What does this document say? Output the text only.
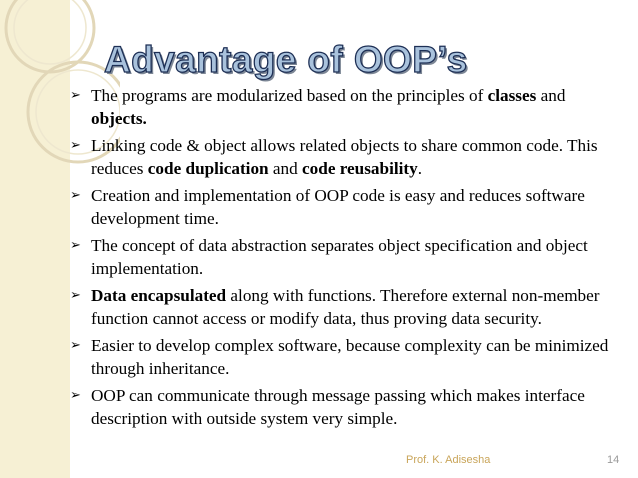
Advantage of OOP’s
➢ The programs are modularized based on the principles of classes and objects.
➢ Linking code & object allows related objects to share common code. This reduces code duplication and code reusability.
➢ Creation and implementation of OOP code is easy and reduces software development time.
➢ The concept of data abstraction separates object specification and object implementation.
➢ Data encapsulated along with functions. Therefore external non-member function cannot access or modify data, thus proving data security.
➢ Easier to develop complex software, because complexity can be minimized through inheritance.
➢ OOP can communicate through message passing which makes interface description with outside system very simple.
Prof. K. Adisesha	14
